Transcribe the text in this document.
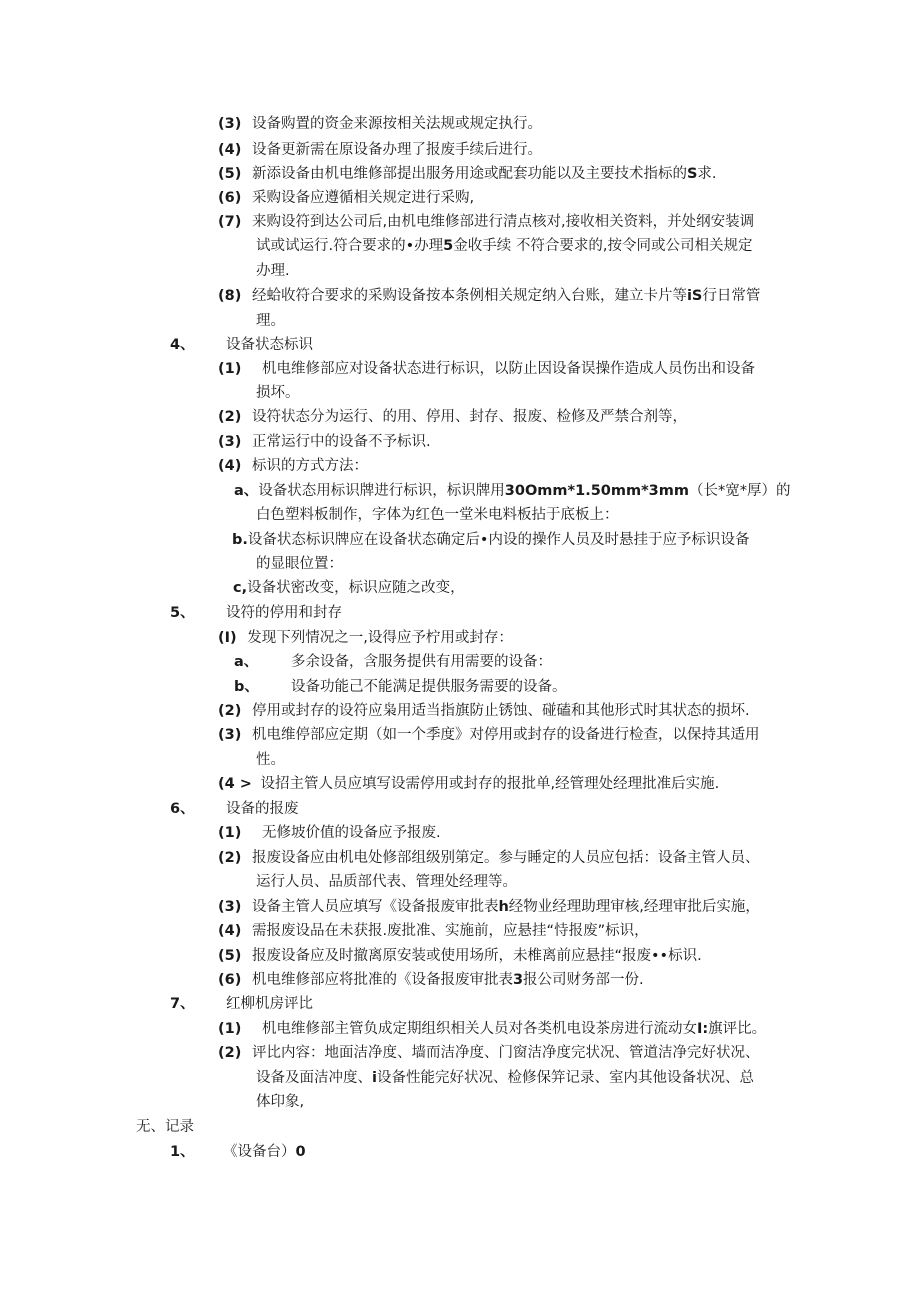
(3) 设备购置的资金来源按相关法规或规定执行。
(4) 设备更新需在原设备办理了报废手续后进行。
(5) 新添设备由机电维修部提出服务用途或配套功能以及主要技术指标的S求.
(6) 采购设备应遵循相关规定进行采购,
(7) 来购设符到达公司后,由机电维修部进行清点核对,接收相关资料，并处纲安装调
试或试运行.符合要求的•办理5金收手续 不符合要求的,按令同或公司相关规定
办理.
(8) 经蛤收符合要求的采购设备按本条例相关规定纳入台账，建立卡片等iS行日常管
理。
4、 设备状态标识
(1) 机电维修部应对设备状态进行标识，以防止因设备误操作造成人员伤出和设备
损坏。
(2) 设符状态分为运行、的用、停用、封存、报废、检修及严禁合剂等，
(3) 正常运行中的设备不予标识.
(4) 标识的方式方法：
a、设备状态用标识牌进行标识，标识牌用30Omm*1.50mm*3mm（长*宽*厚）的
白色塑料板制作，字体为红色一堂米电料板拈于底板上：
b.设备状态标识牌应在设备状态确定后•内设的操作人员及时悬挂于应予标识设备
的显眼位置：
c,设备状密改变，标识应随之改变，
5、 设符的停用和封存
(I) 发现下列情况之一,设得应予柠用或封存：
a、 多余设备，含服务提供有用需要的设备：
b、 设备功能己不能满足提供服务需要的设备。
(2) 停用或封存的设符应枭用适当指旗防止锈蚀、碰磕和其他形式时其状态的损坏.
(3) 机电维停部应定期（如一个季度》对停用或封存的设备进行检查，以保持其适用
性。
(4 > 设招主管人员应填写设需停用或封存的报批单,经管理处经理批准后实施.
6、 设备的报废
(1) 无修坡价值的设备应予报废.
(2) 报废设备应由机电处修部组级别第定。参与睡定的人员应包括：设备主管人员、
运行人员、品质部代表、管理处经理等。
(3) 设备主管人员应填写《设备报废审批表h经物业经理助理审核,经理审批后实施，
(4) 需报废设品在未获报.废批准、实施前，应悬挂“恃报废”标识，
(5) 报废设备应及时撤离原安装或使用场所，未椎离前应悬挂“报废••标识.
(6) 机电维修部应将批准的《设备报废审批表3报公司财务部一份.
7、 红柳机房评比
(1) 机电维修部主管负成定期组织相关人员对各类机电设茶房进行流动女I:旗评比。
(2) 评比内容：地面洁净度、墙而洁净度、门窗洁净度完状况、管道洁净完好状况、
设备及面洁冲度、i设备性能完好状况、检修保笄记录、室内其他设备状况、总
体印象,
无、记录
1、 《设备台）0
